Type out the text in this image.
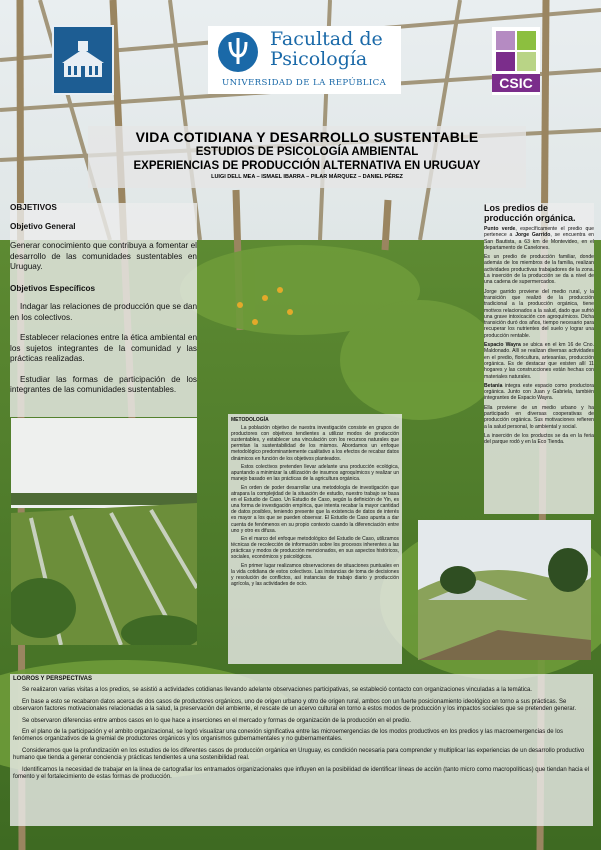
Facultad de
Psicología
UNIVERSIDAD DE LA REPÚBLICA	CSIC
VIDA COTIDIANA Y DESARROLLO SUSTENTABLE
ESTUDIOS DE PSICOLOGÍA AMBIENTAL
EXPERIENCIAS DE PRODUCCIÓN ALTERNATIVA EN URUGUAY
LUIGI DELL MEA – ISMAEL IBARRA – PILAR MÁRQUEZ – DANIEL PÉREZ
OBJETIVOS
Objetivo General

Generar conocimiento que contribuya a fomentar el desarrollo de las comunidades sustentables en Uruguay.

Objetivos Específicos

Indagar las relaciones de producción que se dan en los colectivos.

Establecer relaciones entre la ética ambiental en los sujetos integrantes de la comunidad y las prácticas realizadas.

Estudiar las formas de participación de los integrantes de las comunidades sustentables.

Los predios de producción orgánica.

Punto verde, específicamente el predio que pertenece a Jorge Garrido, se encuentra en San Bautista, a 63 km de Montevideo, en el departamento de Canelones.

Es un predio de producción familiar, donde además de los miembros de la familia, realizan actividades productivas trabajadores de la zona. La inserción de la producción se da a nivel de una cadena de supermercados.

Jorge garrido proviene del medio rural, y la transición que realizó de la producción tradicional a la producción orgánica, tiene motivos relacionados a la salud, dado que sufrió una grave intoxicación con agroquímicos. Dicha transición duró dos años, tiempo necesario para recuperar los nutrientes del suelo y lograr una producción rentable.

Espacio Wayra se ubica en el km 16 de Cno. Maldonado. Allí se realizan diversas actividades en el predio, floricultura, artesanías, producción orgánica. Es de destacar que existen allí 11 hogares y las construcciones están hechas con materiales naturales.

Betania integra este espacio como productora orgánica. Junto con Juan y Gabriela, también integrantes de Espacio Wayra.

Ella proviene de un medio urbano y ha participado en diversas cooperativas de producción orgánica. Sus motivaciones refieren a la salud personal, lo ambiental y social.

La inserción de los productos se da en la feria del parque rodó y en la Eco Tienda.

METODOLOGÍA

La población objetivo de nuestra investigación consiste en grupos de productores con objetivos tendientes a utilizar modos de producción sustentables, y establecer una vinculación con los recursos naturales que permitan la sustentabilidad de los mismos. Abordamos un enfoque metodológico predominantemente cualitativo a los efectos de recabar datos dinámicos en función de los objetivos planteados.

Estos colectivos pretenden llevar adelante una producción ecológica, apuntando a minimizar la utilización de insumos agroquímicos y realizar un manejo basado en las prácticas de la agricultura orgánica.

En orden de poder desarrollar una metodología de investigación que atrapara la complejidad de la situación de estudio, nuestro trabajo se basa en el Estudio de Caso. Un Estudio de Caso, según la definición de Yin, es una forma de investigación empírica, que intenta recabar la mayor cantidad de datos posibles, teniendo presente que la existencia de datos de interés es mayor a los que se pueden observar. El Estudio de Caso apunta a dar cuenta de fenómenos en su propio contexto cuando la diferenciación entre uno y otro es difusa.

En el marco del enfoque metodológico del Estudio de Caso, utilizamos técnicas de recolección de información sobre los procesos inherentes a las prácticas y modos de producción mencionados, en sus aspectos históricos, sociales, económicos y psicológicos.

En primer lugar realizamos observaciones de situaciones puntuales en la vida cotidiana de estos colectivos. Las instancias de toma de decisiones y resolución de conflictos, así instancias de trabajo diario y producción agrícola, y las actividades de ocio.

LOGROS Y PERSPECTIVAS

Se realizaron varias visitas a los predios, se asistió a actividades cotidianas llevando adelante observaciones participativas, se estableció contacto con organizaciones vinculadas a la temática.

En base a esto se recabaron datos acerca de dos casos de productores orgánicos, uno de origen urbano y otro de origen rural, ambos con un fuerte posicionamiento ideológico en torno a sus prácticas. Se observaron factores motivacionales relacionadas a la salud, la preservación del ambiente, el rescate de un acervo cultural en torno a estos modos de producción y los impactos sociales que se pretenden generar.

Se observaron diferencias entre ambos casos en lo que hace a inserciones en el mercado y formas de organización de la producción en el predio.

En el plano de la participación y el ambito organizacional, se logró visualizar una conexión significativa entre las microemergencias de los modos productivos en los predios y las macroemergencias de los fenómenos organizativos de la gremial de productores orgánicos y los organismos gubernamentales y no gubernamentales.

Consideramos que la profundización en los estudios de los diferentes casos de producción orgánica en Uruguay, es condición necesaria para comprender y multiplicar las experiencias de un desarrollo productivo humano que tienda a generar conciencia y prácticas tendientes a una sostenibilidad real.

Identificamos la necesidad de trabajar en la línea de cartografiar los entramados organizacionales que influyen en la posibilidad de identificar líneas de acción (tanto micro como macropolíticas) que tiendan hacia el fomento y el fortalecimiento de estas formas de producción.
